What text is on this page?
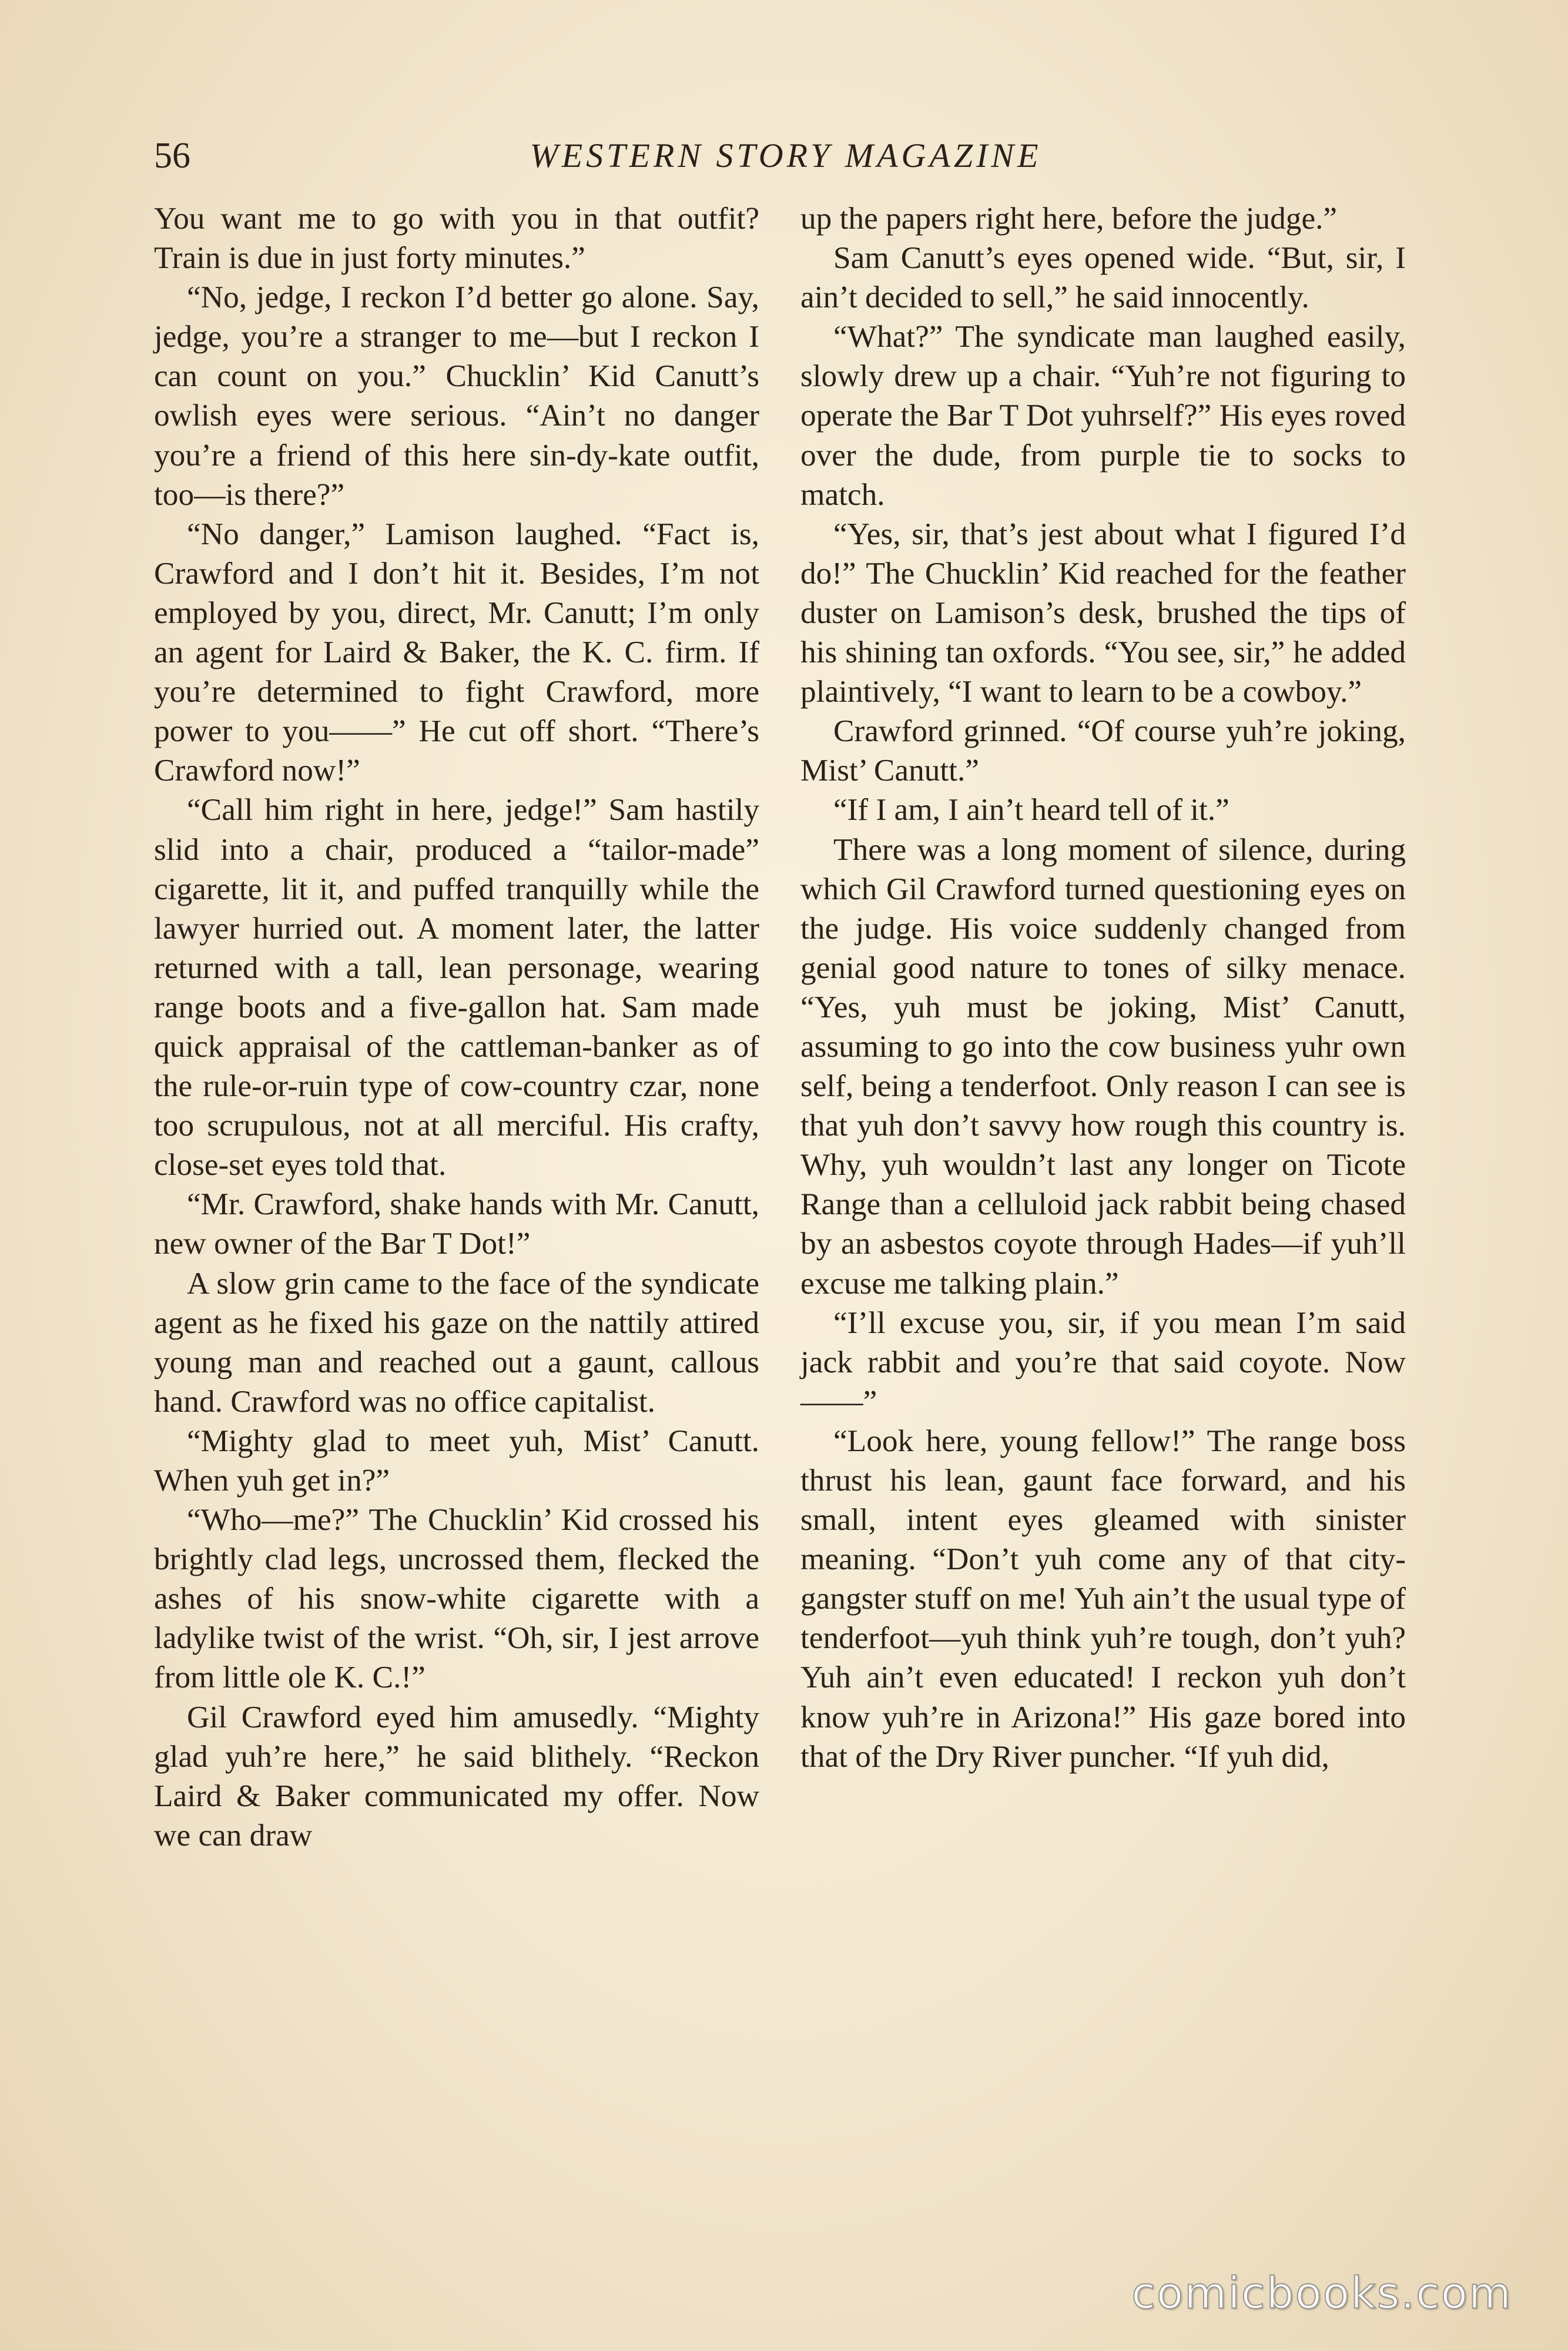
56	WESTERN STORY MAGAZINE

You want me to go with you in that outfit? Train is due in just forty minutes.”

“No, jedge, I reckon I’d better go alone. Say, jedge, you’re a stranger to me—but I reckon I can count on you.” Chucklin’ Kid Canutt’s owlish eyes were serious. “Ain’t no danger you’re a friend of this here sin-dy-kate outfit, too—is there?”

“No danger,” Lamison laughed. “Fact is, Crawford and I don’t hit it. Besides, I’m not employed by you, direct, Mr. Canutt; I’m only an agent for Laird & Baker, the K. C. firm. If you’re determined to fight Crawford, more power to you——” He cut off short. “There’s Crawford now!”

“Call him right in here, jedge!” Sam hastily slid into a chair, produced a “tailor-made” cigarette, lit it, and puffed tranquilly while the lawyer hurried out. A moment later, the latter returned with a tall, lean personage, wearing range boots and a five-gallon hat. Sam made quick appraisal of the cattleman-banker as of the rule-or-ruin type of cow-country czar, none too scrupulous, not at all merciful. His crafty, close-set eyes told that.

“Mr. Crawford, shake hands with Mr. Canutt, new owner of the Bar T Dot!”

A slow grin came to the face of the syndicate agent as he fixed his gaze on the nattily attired young man and reached out a gaunt, callous hand. Crawford was no office capitalist.

“Mighty glad to meet yuh, Mist’ Canutt. When yuh get in?”

“Who—me?” The Chucklin’ Kid crossed his brightly clad legs, uncrossed them, flecked the ashes of his snow-white cigarette with a ladylike twist of the wrist. “Oh, sir, I jest arrove from little ole K. C.!”

Gil Crawford eyed him amusedly. “Mighty glad yuh’re here,” he said blithely. “Reckon Laird & Baker communicated my offer. Now we can draw

up the papers right here, before the judge.”

Sam Canutt’s eyes opened wide. “But, sir, I ain’t decided to sell,” he said innocently.

“What?” The syndicate man laughed easily, slowly drew up a chair. “Yuh’re not figuring to operate the Bar T Dot yuhrself?” His eyes roved over the dude, from purple tie to socks to match.

“Yes, sir, that’s jest about what I figured I’d do!” The Chucklin’ Kid reached for the feather duster on Lamison’s desk, brushed the tips of his shining tan oxfords. “You see, sir,” he added plaintively, “I want to learn to be a cowboy.”

Crawford grinned. “Of course yuh’re joking, Mist’ Canutt.”

“If I am, I ain’t heard tell of it.”

There was a long moment of silence, during which Gil Crawford turned questioning eyes on the judge. His voice suddenly changed from genial good nature to tones of silky menace. “Yes, yuh must be joking, Mist’ Canutt, assuming to go into the cow business yuhr own self, being a tenderfoot. Only reason I can see is that yuh don’t savvy how rough this country is. Why, yuh wouldn’t last any longer on Ticote Range than a celluloid jack rabbit being chased by an asbestos coyote through Hades—if yuh’ll excuse me talking plain.”

“I’ll excuse you, sir, if you mean I’m said jack rabbit and you’re that said coyote. Now——”

“Look here, young fellow!” The range boss thrust his lean, gaunt face forward, and his small, intent eyes gleamed with sinister meaning. “Don’t yuh come any of that city-gangster stuff on me! Yuh ain’t the usual type of tenderfoot—yuh think yuh’re tough, don’t yuh? Yuh ain’t even educated! I reckon yuh don’t know yuh’re in Arizona!” His gaze bored into that of the Dry River puncher. “If yuh did,

comicbooks.com
